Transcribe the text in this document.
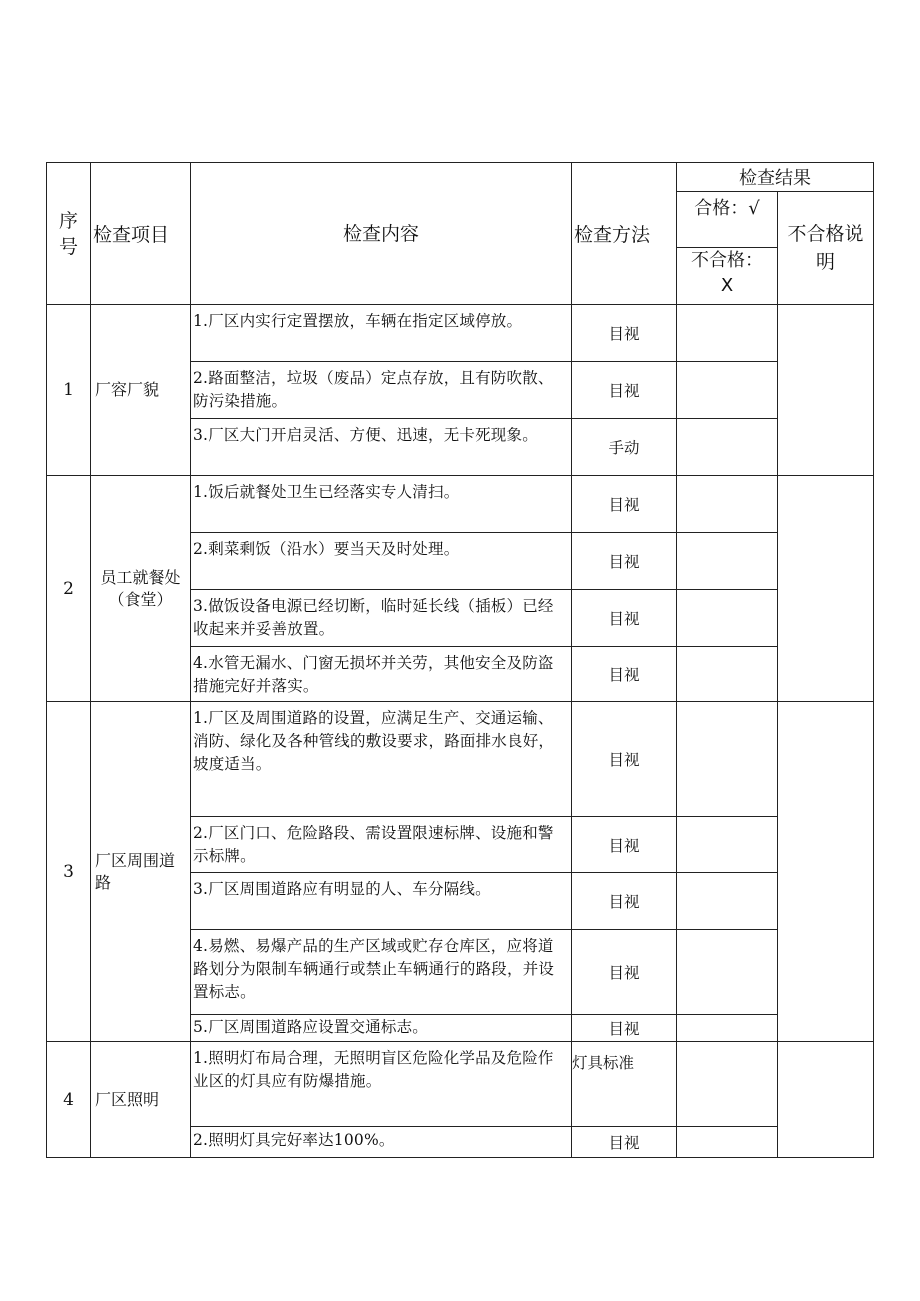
序号	检查项目	检查内容	检查方法	检查结果	
				合格：√	不合格说明
				不合格：X	
1	厂容厂貌	1.厂区内实行定置摆放，车辆在指定区域停放。	目视		
		2.路面整洁，垃圾（废品）定点存放，且有防吹散、防污染措施。	目视		
		3.厂区大门开启灵活、方便、迅速，无卡死现象。	手动		
2	员工就餐处（食堂）	1.饭后就餐处卫生已经落实专人清扫。	目视		
		2.剩菜剩饭（沿水）要当天及时处理。	目视		
		3.做饭设备电源已经切断，临时延长线（插板）已经收起来并妥善放置。	目视		
		4.水管无漏水、门窗无损坏并关劳，其他安全及防盗措施完好并落实。	目视		
3	厂区周围道路	1.厂区及周围道路的设置，应满足生产、交通运输、消防、绿化及各种管线的敷设要求，路面排水良好，坡度适当。	目视		
		2.厂区门口、危险路段、需设置限速标牌、设施和警示标牌。	目视		
		3.厂区周围道路应有明显的人、车分隔线。	目视		
		4.易燃、易爆产品的生产区域或贮存仓库区，应将道路划分为限制车辆通行或禁止车辆通行的路段，并设置标志。	目视		
		5.厂区周围道路应设置交通标志。	目视		
4	厂区照明	1.照明灯布局合理，无照明盲区危险化学品及危险作业区的灯具应有防爆措施。	灯具标准		
		2.照明灯具完好率达100%。	目视		
